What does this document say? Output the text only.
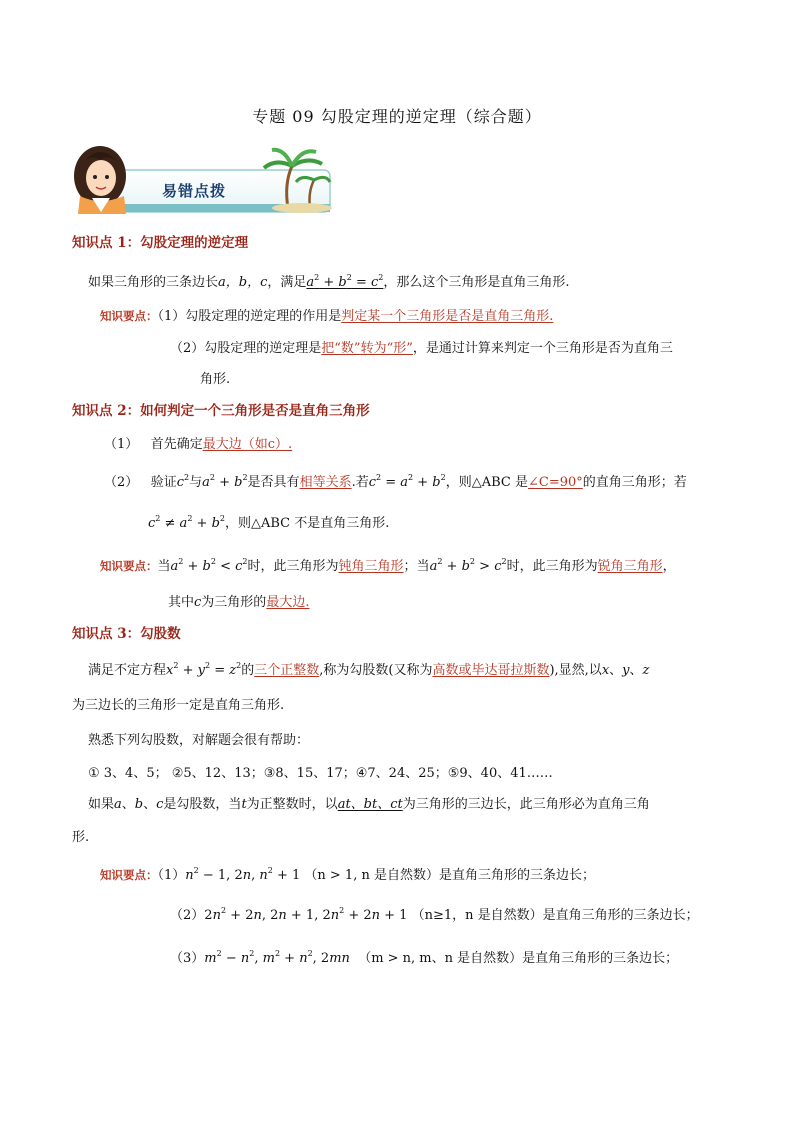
专题 09 勾股定理的逆定理（综合题）
易错点拨
知识点 1：勾股定理的逆定理
如果三角形的三条边长a，b，c，满足$a^2 + b^2 = c^2$，那么这个三角形是直角三角形.
知识要点：（1）勾股定理的逆定理的作用是判定某一个三角形是否是直角三角形.
（2）勾股定理的逆定理是把“数”转为“形”，是通过计算来判定一个三角形是否为直角三
角形.
知识点 2：如何判定一个三角形是否是直角三角形
（1） 首先确定最大边（如c）.
（2） 验证$c^2$与$a^2 + b^2$是否具有相等关系.若$c^2 = a^2 + b^2$，则△ABC 是∠C=90°的直角三角形；若
$c^2 \ne a^2 + b^2$，则△ABC 不是直角三角形.
知识要点：当$a^2 + b^2 < c^2$时，此三角形为钝角三角形；当$a^2 + b^2 > c^2$时，此三角形为锐角三角形，
其中c为三角形的最大边.
知识点 3：勾股数
满足不定方程$x^2 + y^2 = z^2$的三个正整数,称为勾股数(又称为高数或毕达哥拉斯数),显然,以x、y、z
为三边长的三角形一定是直角三角形.
熟悉下列勾股数，对解题会很有帮助：
① 3、4、5； ②5、12、13；③8、15、17；④7、24、25；⑤9、40、41……
如果a、b、c是勾股数，当t为正整数时，以at、bt、ct为三角形的三边长，此三角形必为直角三角
形.
知识要点：$(1)n^2 - 1$, 2n, $n^2 + 1$ （n > 1, n 是自然数）是直角三角形的三条边长；
$(2)2n^2 + 2n$, 2n + 1, $2n^2 + 2n + 1$ （n≥1，n 是自然数）是直角三角形的三条边长；
$(3)m^2 - n^2$, $m^2 + n^2$, 2mn （m > n, m、n 是自然数）是直角三角形的三条边长；
